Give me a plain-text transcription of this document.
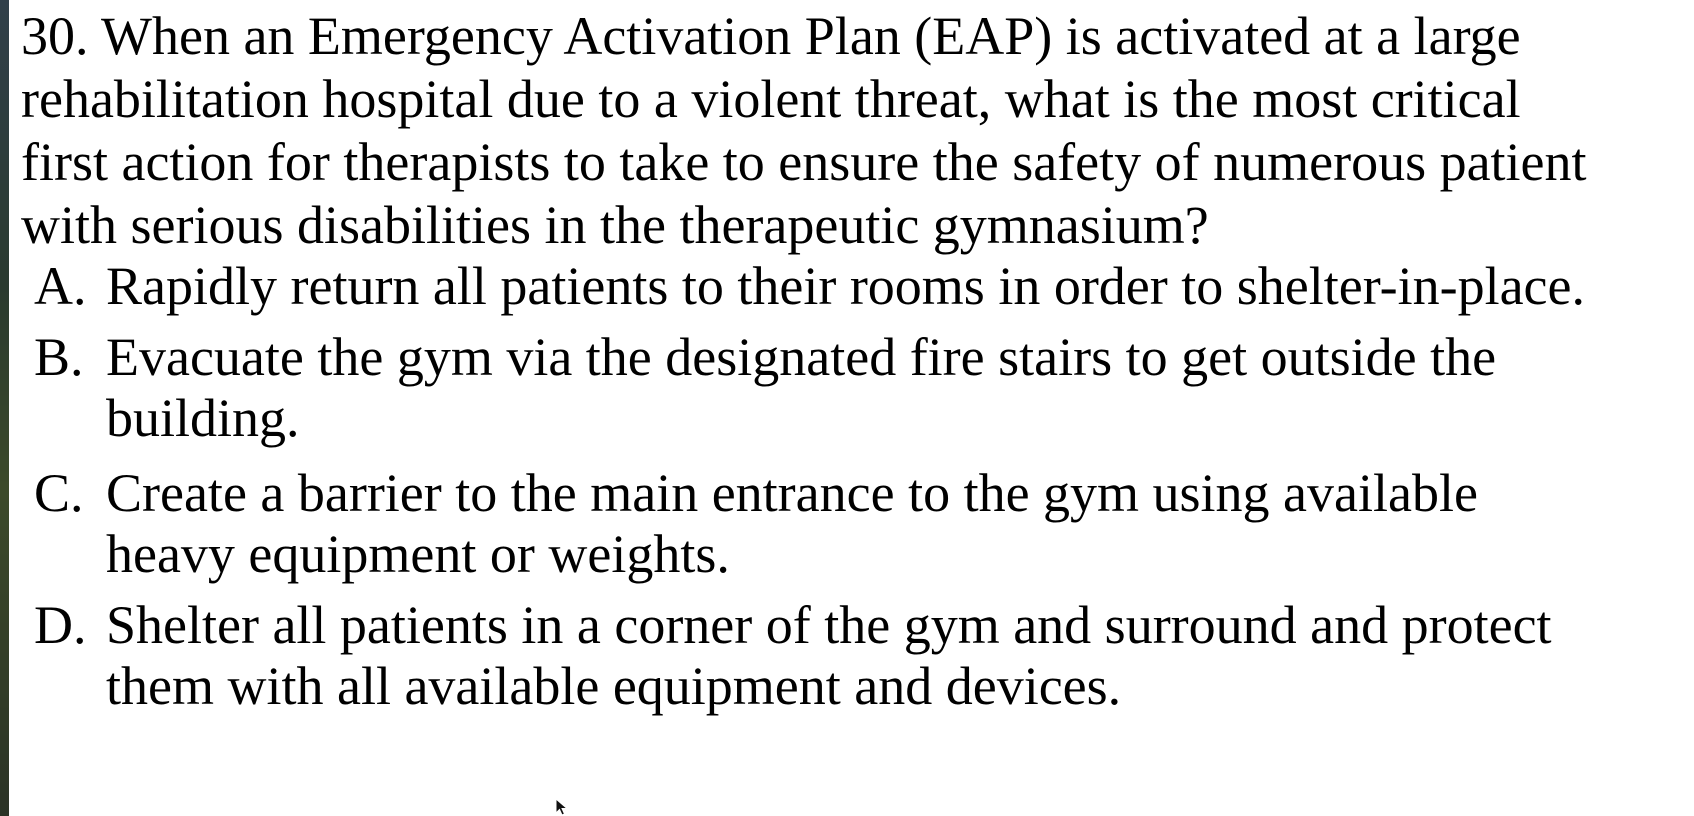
30. When an Emergency Activation Plan (EAP) is activated at a large
rehabilitation hospital due to a violent threat, what is the most critical
first action for therapists to take to ensure the safety of numerous patient
with serious disabilities in the therapeutic gymnasium?
A. Rapidly return all patients to their rooms in order to shelter-in-place.
B. Evacuate the gym via the designated fire stairs to get outside the
building.
C. Create a barrier to the main entrance to the gym using available
heavy equipment or weights.
D. Shelter all patients in a corner of the gym and surround and protect
them with all available equipment and devices.
